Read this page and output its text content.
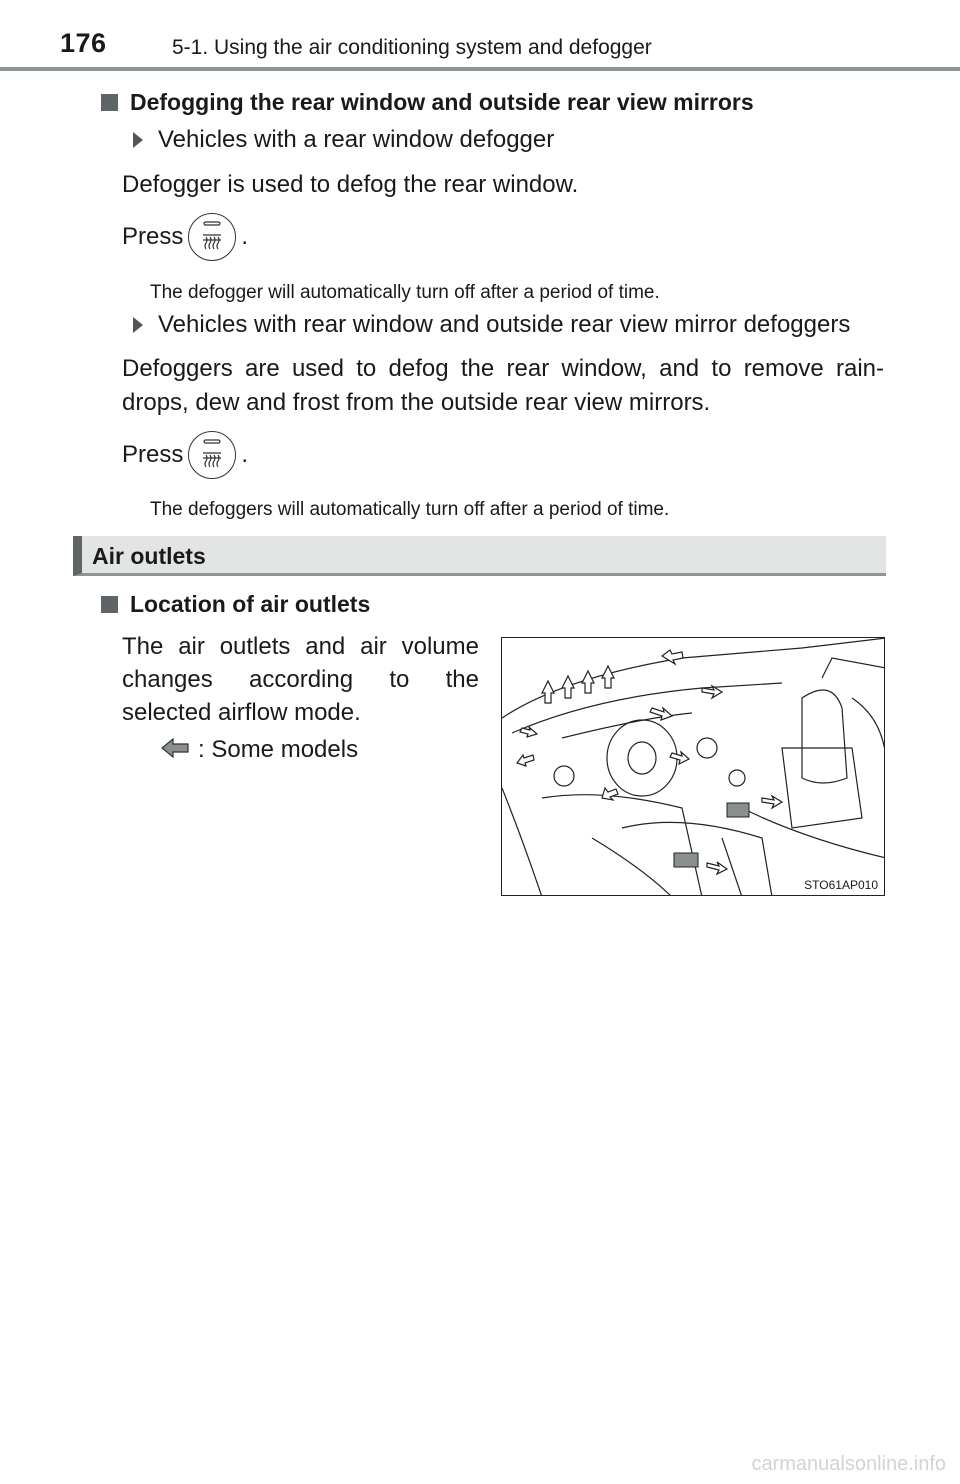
176	5-1. Using the air conditioning system and defogger
Defogging the rear window and outside rear view mirrors
Vehicles with a rear window defogger
Defogger is used to defog the rear window.
Press .
The defogger will automatically turn off after a period of time.
Vehicles with rear window and outside rear view mirror defoggers
Defoggers are used to defog the rear window, and to remove rain-drops, dew and frost from the outside rear view mirrors.
Press .
The defoggers will automatically turn off after a period of time.
Air outlets
Location of air outlets
The air outlets and air volume changes according to the selected airflow mode.
: Some models
STO61AP010
carmanualsonline.info
